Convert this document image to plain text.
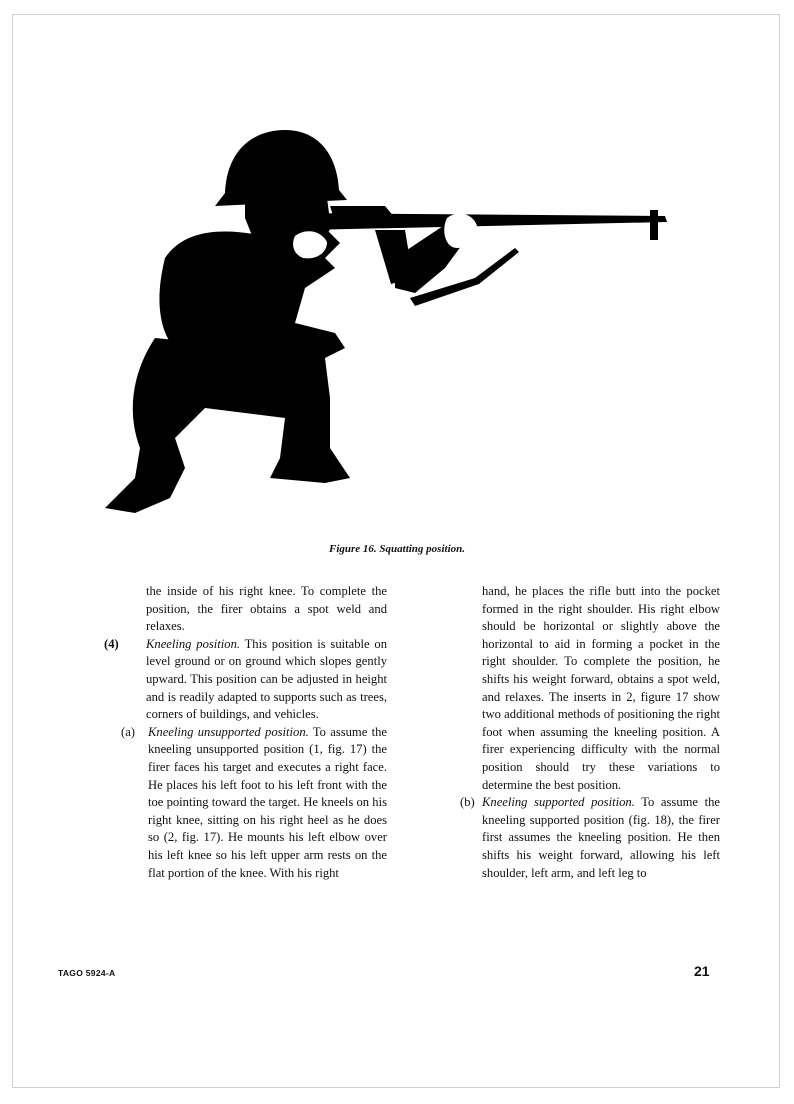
Figure 16. Squatting position.

the inside of his right knee. To complete the position, the firer obtains a spot weld and relaxes.

(4) Kneeling position. This position is suitable on level ground or on ground which slopes gently upward. This position can be adjusted in height and is readily adapted to supports such as trees, corners of buildings, and vehicles.

(a) Kneeling unsupported position. To assume the kneeling unsupported position (1, fig. 17) the firer faces his target and executes a right face. He places his left foot to his left front with the toe pointing toward the target. He kneels on his right knee, sitting on his right heel as he does so (2, fig. 17). He mounts his left elbow over his left knee so his left upper arm rests on the flat portion of the knee. With his right

hand, he places the rifle butt into the pocket formed in the right shoulder. His right elbow should be horizontal or slightly above the horizontal to aid in forming a pocket in the right shoulder. To complete the position, he shifts his weight forward, obtains a spot weld, and relaxes. The inserts in 2, figure 17 show two additional methods of positioning the right foot when assuming the kneeling position. A firer experiencing difficulty with the normal position should try these variations to determine the best position.

(b) Kneeling supported position. To assume the kneeling supported position (fig. 18), the firer first assumes the kneeling position. He then shifts his weight forward, allowing his left shoulder, left arm, and left leg to

TAGO 5924-A	21
